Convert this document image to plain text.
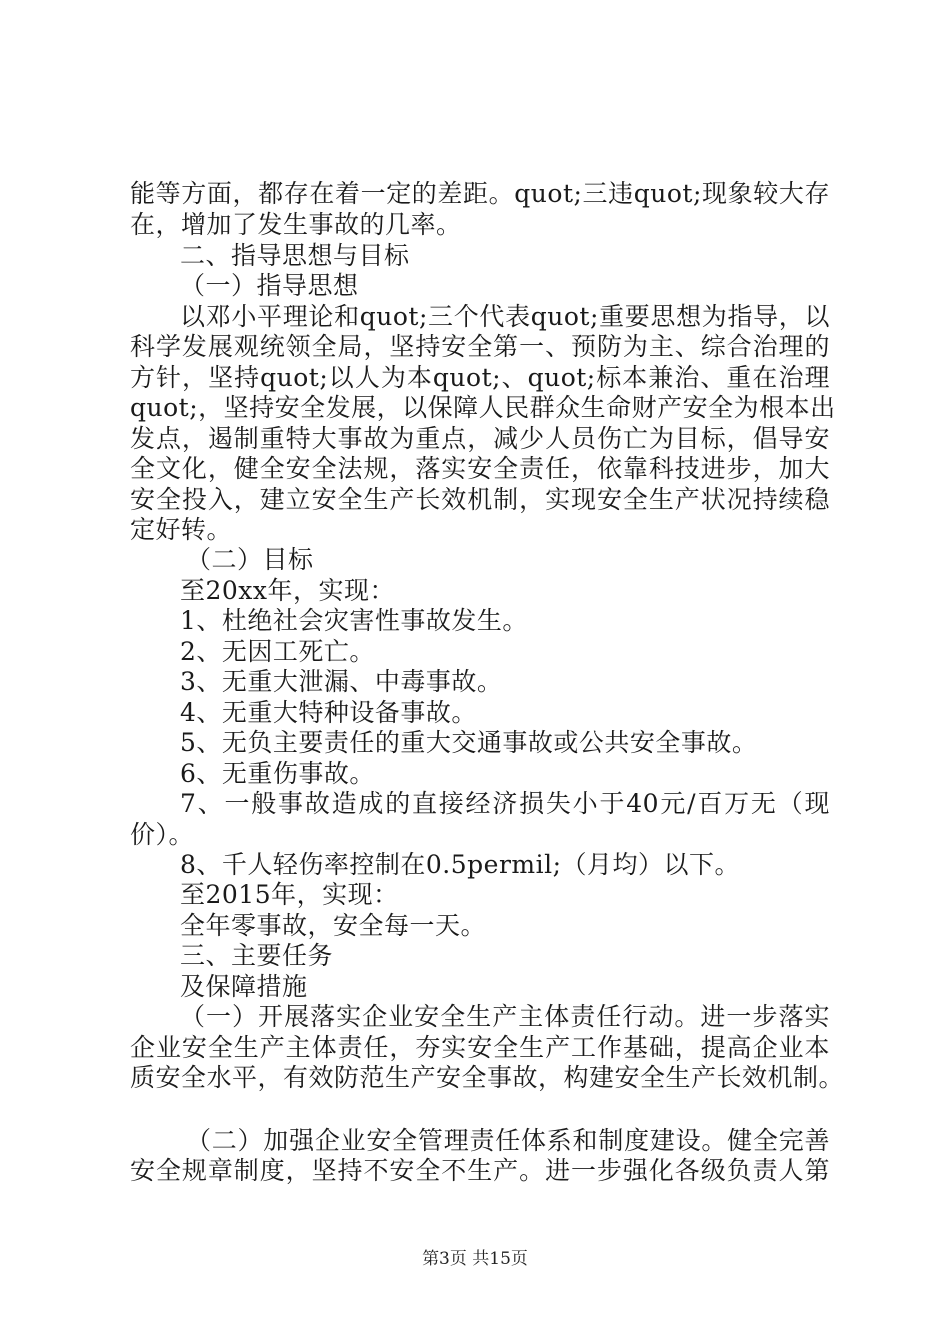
能等方面，都存在着一定的差距。quot;三违quot;现象较大存
在，增加了发生事故的几率。
二、指导思想与目标
（一）指导思想
以邓小平理论和quot;三个代表quot;重要思想为指导，以
科学发展观统领全局，坚持安全第一、预防为主、综合治理的
方针，坚持quot;以人为本quot;、quot;标本兼治、重在治理
quot;，坚持安全发展，以保障人民群众生命财产安全为根本出
发点，遏制重特大事故为重点，减少人员伤亡为目标，倡导安
全文化，健全安全法规，落实安全责任，依靠科技进步，加大
安全投入，建立安全生产长效机制，实现安全生产状况持续稳
定好转。
（二）目标
至20xx年，实现：
1、杜绝社会灾害性事故发生。
2、无因工死亡。
3、无重大泄漏、中毒事故。
4、无重大特种设备事故。
5、无负主要责任的重大交通事故或公共安全事故。
6、无重伤事故。
7、一般事故造成的直接经济损失小于40元/百万无（现
价）。
8、千人轻伤率控制在0.5permil;（月均）以下。
至2015年，实现：
全年零事故，安全每一天。
三、主要任务
及保障措施
（一）开展落实企业安全生产主体责任行动。进一步落实
企业安全生产主体责任，夯实安全生产工作基础，提高企业本
质安全水平，有效防范生产安全事故，构建安全生产长效机制。
（二）加强企业安全管理责任体系和制度建设。健全完善
安全规章制度，坚持不安全不生产。进一步强化各级负责人第
第3页 共15页
